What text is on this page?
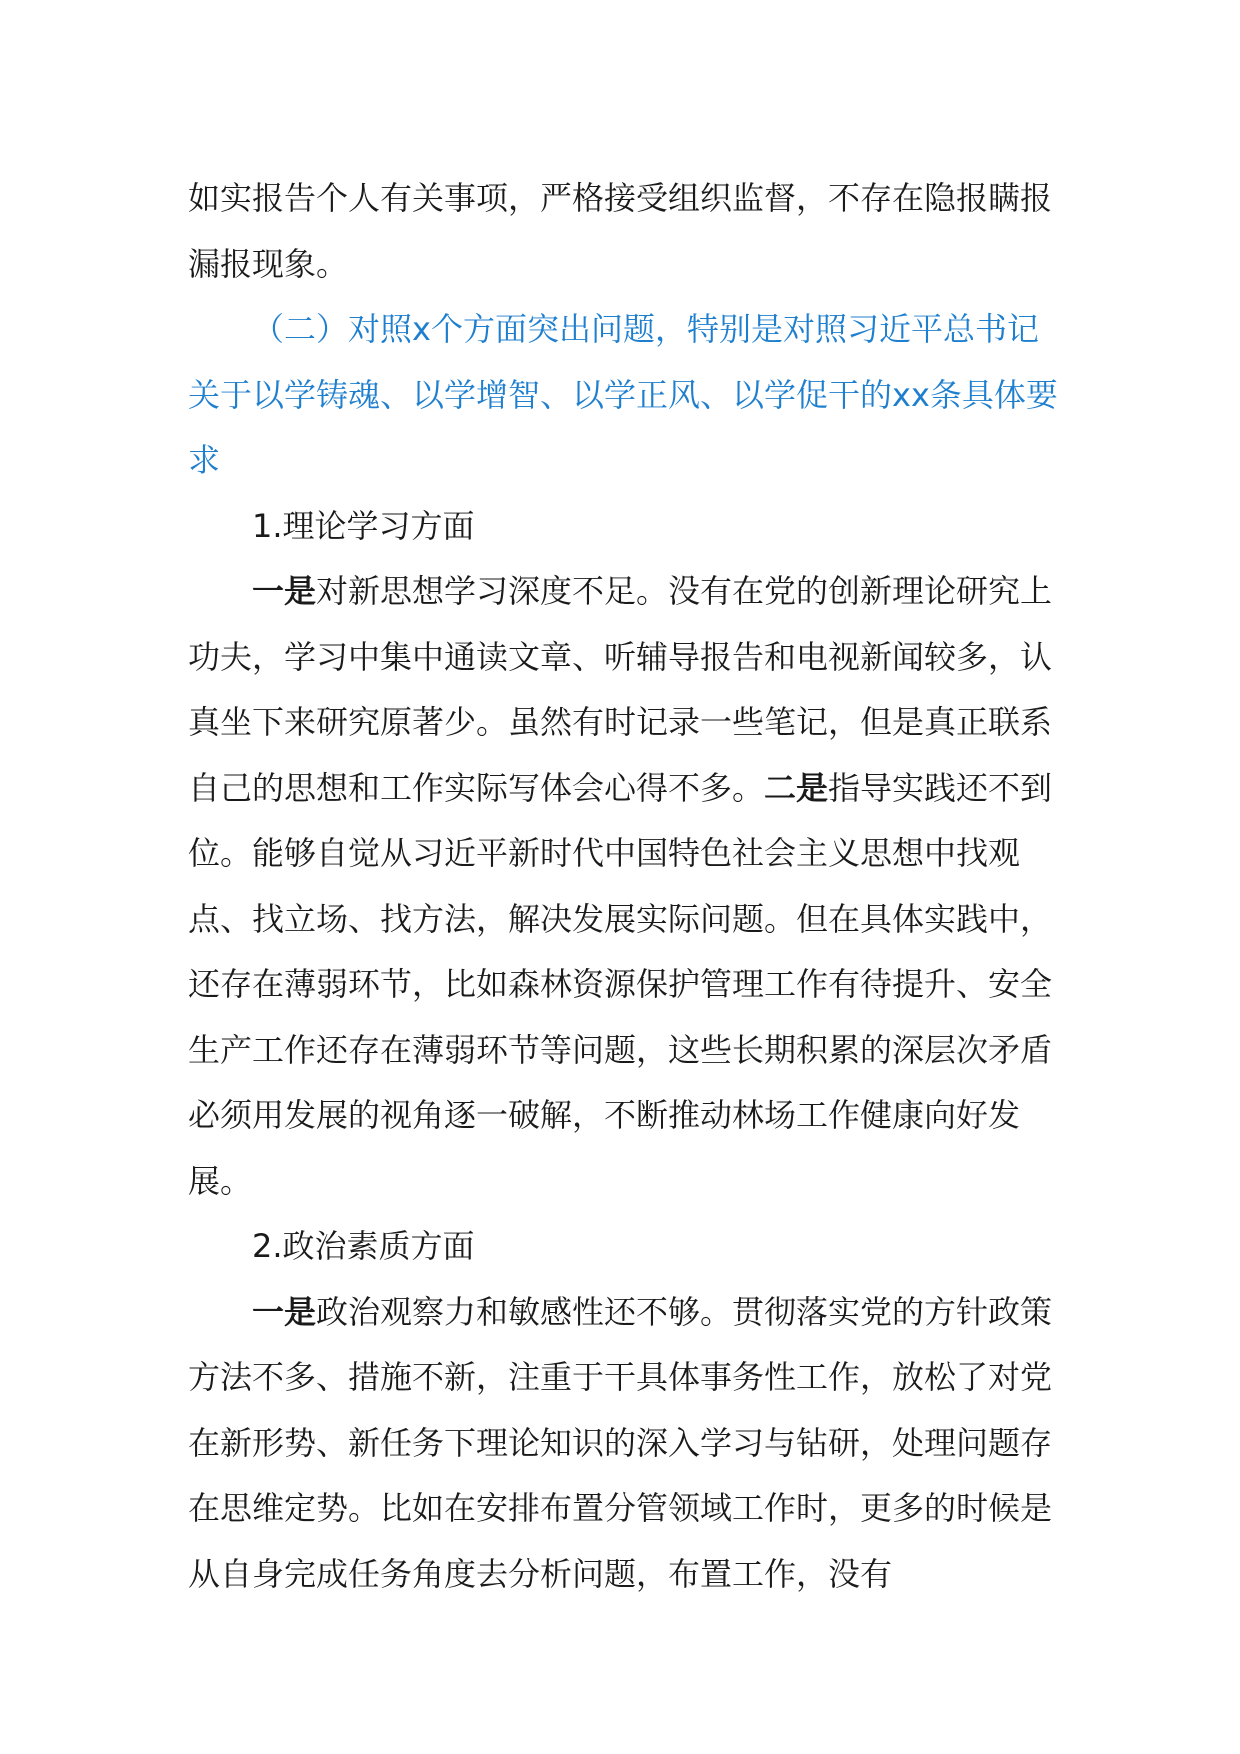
如实报告个人有关事项，严格接受组织监督，不存在隐报瞒报漏报现象。

（二）对照x个方面突出问题，特别是对照习近平总书记关于以学铸魂、以学增智、以学正风、以学促干的xx条具体要求

1.理论学习方面

一是对新思想学习深度不足。没有在党的创新理论研究上功夫，学习中集中通读文章、听辅导报告和电视新闻较多，认真坐下来研究原著少。虽然有时记录一些笔记，但是真正联系自己的思想和工作实际写体会心得不多。二是指导实践还不到位。能够自觉从习近平新时代中国特色社会主义思想中找观点、找立场、找方法，解决发展实际问题。但在具体实践中，还存在薄弱环节，比如森林资源保护管理工作有待提升、安全生产工作还存在薄弱环节等问题，这些长期积累的深层次矛盾必须用发展的视角逐一破解，不断推动林场工作健康向好发展。

2.政治素质方面

一是政治观察力和敏感性还不够。贯彻落实党的方针政策方法不多、措施不新，注重于干具体事务性工作，放松了对党在新形势、新任务下理论知识的深入学习与钻研，处理问题存在思维定势。比如在安排布置分管领域工作时，更多的时候是从自身完成任务角度去分析问题，布置工作，没有
